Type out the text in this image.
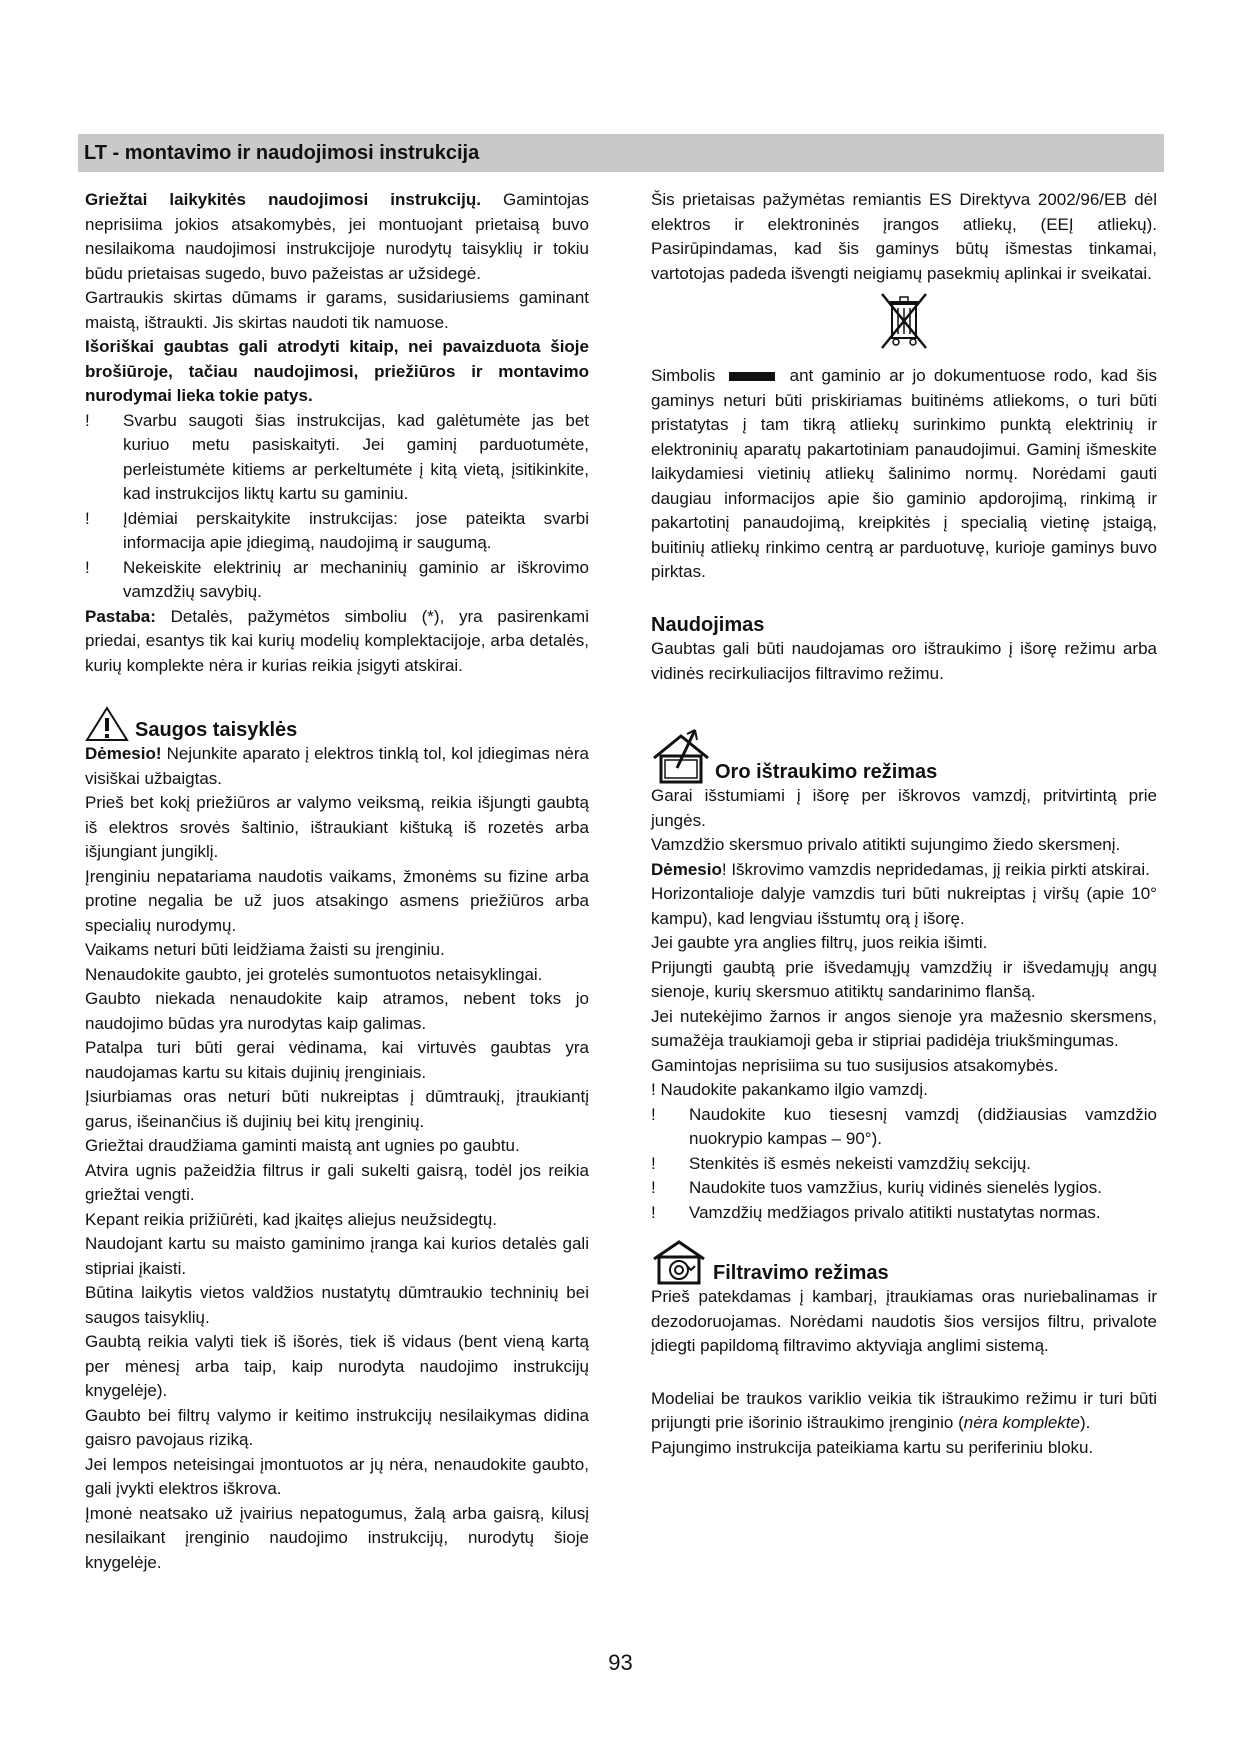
LT - montavimo ir naudojimosi instrukcija

Griežtai laikykitės naudojimosi instrukcijų. Gamintojas neprisiima jokios atsakomybės, jei montuojant prietaisą buvo nesilaikoma naudojimosi instrukcijoje nurodytų taisyklių ir tokiu būdu prietaisas sugedo, buvo pažeistas ar užsidegė.

Gartraukis skirtas dūmams ir garams, susidariusiems gaminant maistą, ištraukti. Jis skirtas naudoti tik namuose.

Išoriškai gaubtas gali atrodyti kitaip, nei pavaizduota šioje brošiūroje, tačiau naudojimosi, priežiūros ir montavimo nurodymai lieka tokie patys.

!	Svarbu saugoti šias instrukcijas, kad galėtumėte jas bet kuriuo metu pasiskaityti. Jei gaminį parduotumėte, perleistumėte kitiems ar perkeltumėte į kitą vietą, įsitikinkite, kad instrukcijos liktų kartu su gaminiu.
!	Įdėmiai perskaitykite instrukcijas: jose pateikta svarbi informacija apie įdiegimą, naudojimą ir saugumą.
!	Nekeiskite elektrinių ar mechaninių gaminio ar iškrovimo vamzdžių savybių.

Pastaba: Detalės, pažymėtos simboliu (*), yra pasirenkami priedai, esantys tik kai kurių modelių komplektacijoje, arba detalės, kurių komplekte nėra ir kurias reikia įsigyti atskirai.

Saugos taisyklės

Dėmesio! Nejunkite aparato į elektros tinklą tol, kol įdiegimas nėra visiškai užbaigtas.

Prieš bet kokį priežiūros ar valymo veiksmą, reikia išjungti gaubtą iš elektros srovės šaltinio, ištraukiant kištuką iš rozetės arba išjungiant jungiklį.

Įrenginiu nepatariama naudotis vaikams, žmonėms su fizine arba protine negalia be už juos atsakingo asmens priežiūros arba specialių nurodymų.

Vaikams neturi būti leidžiama žaisti su įrenginiu.

Nenaudokite gaubto, jei grotelės sumontuotos netaisyklingai.

Gaubto niekada nenaudokite kaip atramos, nebent toks jo naudojimo būdas yra nurodytas kaip galimas.

Patalpa turi būti gerai vėdinama, kai virtuvės gaubtas yra naudojamas kartu su kitais dujinių įrenginiais.

Įsiurbiamas oras neturi būti nukreiptas į dūmtraukį, įtraukiantį garus, išeinančius iš dujinių bei kitų įrenginių.

Griežtai draudžiama gaminti maistą ant ugnies po gaubtu.

Atvira ugnis pažeidžia filtrus ir gali sukelti gaisrą, todėl jos reikia griežtai vengti.

Kepant reikia prižiūrėti, kad įkaitęs aliejus neužsidegtų.

Naudojant kartu su maisto gaminimo įranga kai kurios detalės gali stipriai įkaisti.

Būtina laikytis vietos valdžios nustatytų dūmtraukio techninių bei saugos taisyklių.

Gaubtą reikia valyti tiek iš išorės, tiek iš vidaus (bent vieną kartą per mėnesį arba taip, kaip nurodyta naudojimo instrukcijų knygelėje).

Gaubto bei filtrų valymo ir keitimo instrukcijų nesilaikymas didina gaisro pavojaus riziką.

Jei lempos neteisingai įmontuotos ar jų nėra, nenaudokite gaubto, gali įvykti elektros iškrova.

Įmonė neatsako už įvairius nepatogumus, žalą arba gaisrą, kilusį nesilaikant įrenginio naudojimo instrukcijų, nurodytų šioje knygelėje.

Šis prietaisas pažymėtas remiantis ES Direktyva 2002/96/EB dėl elektros ir elektroninės įrangos atliekų, (EEĮ atliekų). Pasirūpindamas, kad šis gaminys būtų išmestas tinkamai, vartotojas padeda išvengti neigiamų pasekmių aplinkai ir sveikatai.

Simbolis	ant gaminio ar jo dokumentuose rodo, kad šis gaminys neturi būti priskiriamas buitinėms atliekoms, o turi būti pristatytas į tam tikrą atliekų surinkimo punktą elektrinių ir elektroninių aparatų pakartotiniam panaudojimui. Gaminį išmeskite laikydamiesi vietinių atliekų šalinimo normų. Norėdami gauti daugiau informacijos apie šio gaminio apdorojimą, rinkimą ir pakartotinį panaudojimą, kreipkitės į specialią vietinę įstaigą, buitinių atliekų rinkimo centrą ar parduotuvę, kurioje gaminys buvo pirktas.

Naudojimas

Gaubtas gali būti naudojamas oro ištraukimo į išorę režimu arba vidinės recirkuliacijos filtravimo režimu.

Oro ištraukimo režimas

Garai išstumiami į išorę per iškrovos vamzdį, pritvirtintą prie jungės.

Vamzdžio skersmuo privalo atitikti sujungimo žiedo skersmenį.

Dėmesio! Iškrovimo vamzdis nepridedamas, jį reikia pirkti atskirai.

Horizontalioje dalyje vamzdis turi būti nukreiptas į viršų (apie 10° kampu), kad lengviau išstumtų orą į išorę.

Jei gaubte yra anglies filtrų, juos reikia išimti.

Prijungti gaubtą prie išvedamųjų vamzdžių ir išvedamųjų angų sienoje, kurių skersmuo atitiktų sandarinimo flanšą.

Jei nutekėjimo žarnos ir angos sienoje yra mažesnio skersmens, sumažėja traukiamoji geba ir stipriai padidėja triukšmingumas.

Gamintojas neprisiima su tuo susijusios atsakomybės.

! Naudokite pakankamo ilgio vamzdį.

!	Naudokite kuo tiesesnį vamzdį (didžiausias vamzdžio nuokrypio kampas – 90°).
!	Stenkitės iš esmės nekeisti vamzdžių sekcijų.
!	Naudokite tuos vamzžius, kurių vidinės sienelės lygios.
!	Vamzdžių medžiagos privalo atitikti nustatytas normas.
Filtravimo režimas

Prieš patekdamas į kambarį, įtraukiamas oras nuriebalinamas ir dezodoruojamas. Norėdami naudotis šios versijos filtru, privalote įdiegti papildomą filtravimo aktyviąja anglimi sistemą.

Modeliai be traukos variklio veikia tik ištraukimo režimu ir turi būti prijungti prie išorinio ištraukimo įrenginio (nėra komplekte).

Pajungimo instrukcija pateikiama kartu su periferiniu bloku.

93
